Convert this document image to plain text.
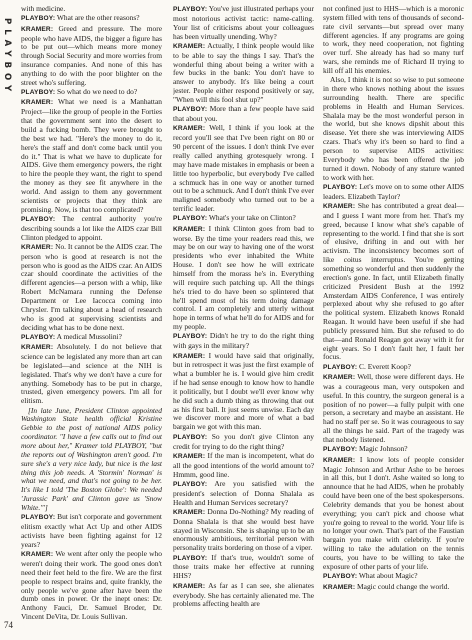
PLAYBOY

with medicine.

PLAYBOY: What are the other reasons?

KRAMER: Greed and pressure. The more people who have AIDS, the bigger a figure has to be put out—which means more money through Social Security and more worries from insurance companies. And none of this has anything to do with the poor blighter on the street who's suffering.

PLAYBOY: So what do we need to do?

KRAMER: What we need is a Manhattan Project—like the group of people in the Forties that the government sent into the desert to build a fucking bomb. They were brought to the best we had. "Here's the money to do it, here's the staff and don't come back until you do it." That is what we have to duplicate for AIDS. Give them emergency powers, the right to hire the people they want, the right to spend the money as they see fit anywhere in the world. And assign to them any government scientists or projects that they think are promising. Now, is that too complicated?

PLAYBOY: The central authority you're describing sounds a lot like the AIDS czar Bill Clinton pledged to appoint.

KRAMER: No. It cannot be the AIDS czar. The person who is good at research is not the person who is good as the AIDS czar. An AIDS czar should coordinate the activities of the different agencies—a person with a whip, like Robert McNamara running the Defense Department or Lee Iacocca coming into Chrysler. I'm talking about a head of research who is good at supervising scientists and deciding what has to be done next.

PLAYBOY: A medical Mussolini?

KRAMER: Absolutely. I do not believe that science can be legislated any more than art can be legislated—and science at the NIH is legislated. That's why we don't have a cure for anything. Somebody has to be put in charge, trusted, given emergency powers. I'm all for elitism.

[In late June, President Clinton appointed Washington State health official Kristine Gebbie to the post of national AIDS policy coordinator. "I have a few calls out to find out more about her," Kramer told PLAYBOY, "but the reports out of Washington aren't good. I'm sure she's a very nice lady, but nice is the last thing this job needs. A 'Stormin' Norman' is what we need, and that's not going to be her. It's like I told 'The Boston Globe': We needed 'Jurassic Park' and Clinton gave us 'Snow White.'"]

PLAYBOY: But isn't corporate and government elitism exactly what Act Up and other AIDS activists have been fighting against for 12 years?

KRAMER: We went after only the people who weren't doing their work. The good ones don't need their feet held to the fire. We are the first people to respect brains and, quite frankly, the only people we've gone after have been the dumb ones in power. Or the inept ones: Dr. Anthony Fauci, Dr. Samuel Broder, Dr. Vincent DeVita, Dr. Louis Sullivan.

PLAYBOY: You've just illustrated perhaps your most notorious activist tactic: name-calling. Your list of criticisms about your colleagues has been virtually unending. Why?

KRAMER: Actually, I think people would like to be able to say the things I say. That's the wonderful thing about being a writer with a few bucks in the bank: You don't have to answer to anybody. It's like being a court jester. People either respond positively or say, "When will this fool shut up?"

PLAYBOY: More than a few people have said that about you.

KRAMER: Well, I think if you look at the record you'll see that I've been right on 80 or 90 percent of the issues. I don't think I've ever really called anything grotesquely wrong. I may have made mistakes in emphasis or been a little too hyperbolic, but everybody I've called a schmuck has in one way or another turned out to be a schmuck. And I don't think I've ever maligned somebody who turned out to be a terrific leader.

PLAYBOY: What's your take on Clinton?

KRAMER: I think Clinton goes from bad to worse. By the time your readers read this, we may be on our way to having one of the worst presidents who ever inhabited the White House. I don't see how he will extricate himself from the morass he's in. Everything will require such patching up. All the things he's tried to do have been so splintered that he'll spend most of his term doing damage control. I am completely and utterly without hope in terms of what he'll do for AIDS and for my people.

PLAYBOY: Didn't he try to do the right thing with gays in the military?

KRAMER: I would have said that originally, but in retrospect it was just the first example of what a bumbler he is. I would give him credit if he had sense enough to know how to handle it politically, but I doubt we'll ever know why he did such a dumb thing as throwing that out as his first ball. It just seems unwise. Each day we discover more and more of what a bad bargain we got with this man.

PLAYBOY: So you don't give Clinton any credit for trying to do the right thing?

KRAMER: If the man is incompetent, what do all the good intentions of the world amount to? Hmmm, good line.

PLAYBOY: Are you satisfied with the president's selection of Donna Shalala as Health and Human Services secretary?

KRAMER: Donna Do-Nothing? My reading of Donna Shalala is that she would best have stayed in Wisconsin. She is shaping up to be an enormously ambitious, territorial person with personality traits bordering on those of a viper.

PLAYBOY: If that's true, wouldn't some of those traits make her effective at running HHS?

KRAMER: As far as I can see, she alienates everybody. She has certainly alienated me. The problems affecting health are

not confined just to HHS—which is a moronic system filled with tens of thousands of second-rate civil servants—but spread over many different agencies. If any programs are going to work, they need cooperation, not fighting over turf. She already has had so many turf wars, she reminds me of Richard II trying to kill off all his enemies.

Also, I think it is not so wise to put someone in there who knows nothing about the issues surrounding health. There are specific problems in Health and Human Services. Shalala may be the most wonderful person in the world, but she knows dipshit about this disease. Yet there she was interviewing AIDS czars. That's why it's been so hard to find a person to supervise AIDS activities: Everybody who has been offered the job turned it down. Nobody of any stature wanted to work with her.

PLAYBOY: Let's move on to some other AIDS leaders. Elizabeth Taylor?

KRAMER: She has contributed a great deal—and I guess I want more from her. That's my greed, because I know what she's capable of representing to the world. I find that she is sort of elusive, drifting in and out with her activism. The inconsistency becomes sort of like coitus interruptus. You're getting something so wonderful and then suddenly the erection's gone. In fact, until Elizabeth finally criticized President Bush at the 1992 Amsterdam AIDS Conference, I was entirely perplexed about why she refused to go after the political system. Elizabeth knows Ronald Reagan. It would have been useful if she had publicly pressured him. But she refused to do that—and Ronald Reagan got away with it for eight years. So I don't fault her, I fault her focus.

PLAYBOY: C. Everett Koop?

KRAMER: Well, those were different days. He was a courageous man, very outspoken and useful. In this country, the surgeon general is a position of no power—a fully pulpit with one person, a secretary and maybe an assistant. He had no staff per se. So it was courageous to say all the things he said. Part of the tragedy was that nobody listened.

PLAYBOY: Magic Johnson?

KRAMER: I know lots of people consider Magic Johnson and Arthur Ashe to be heroes in all this, but I don't. Ashe waited so long to announce that he had AIDS, when he probably could have been one of the best spokespersons. Celebrity demands that you be honest about everything; you can't pick and choose what you're going to reveal to the world. Your life is no longer your own. That's part of the Faustian bargain you make with celebrity. If you're willing to take the adulation on the tennis courts, you have to be willing to take the exposure of other parts of your life.

PLAYBOY: What about Magic?

KRAMER: Magic could change the world.

74
